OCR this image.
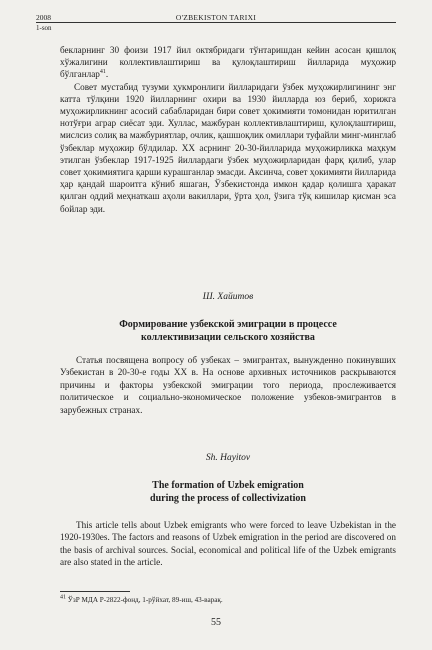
2008	O'ZBEKISTON TARIXI
1-son

бекларнинг 30 фоизи 1917 йил октябридаги тўнтаришдан кейин асосан қишлоқ хўжалигини коллективлаштириш ва қулоқлаштириш йилларида муҳожир бўлганлар$^{41}$.

Совет мустабид тузуми ҳукмронлиги йилларидаги ўзбек муҳожирлигининг энг катта тўлқини 1920 йилларнинг охири ва 1930 йилларда юз бериб, хорижга муҳожирликнинг асосий сабабларидан бири совет ҳокимияти томонидан юритилган нотўғри аграр сиёсат эди. Хуллас, мажбуран коллективлаштириш, қулоқлаштириш, мислсиз солиқ ва мажбуриятлар, очлик, қашшоқлик омиллари туфайли минг-минглаб ўзбеклар муҳожир бўлдилар. XX асрнинг 20-30-йилларида муҳожирликка маҳкум этилган ўзбеклар 1917-1925 йиллардаги ўзбек муҳожирларидан фарқ қилиб, улар совет ҳокимиятига қарши курашганлар эмасди. Аксинча, совет ҳокимияти йилларида ҳар қандай шароитга кўниб яшаган, Ўзбекистонда имкон қадар қолишга ҳаракат қилган оддий меҳнаткаш аҳоли вакиллари, ўрта ҳол, ўзига тўқ кишилар қисман эса бойлар эди.

Ш. Хайитов
Формирование узбекской эмиграции в процессе
коллективизации сельского хозяйства

Статья посвящена вопросу об узбеках – эмигрантах, вынужденно покинувших Узбекистан в 20-30-е годы XX в. На основе архивных источников раскрываются причины и факторы узбекской эмиграции того периода, прослеживается политическое и социально-экономическое положение узбеков-эмигрантов в зарубежных странах.

Sh. Hayitov
The formation of Uzbek emigration
during the process of collectivization

This article tells about Uzbek emigrants who were forced to leave Uzbekistan in the 1920-1930es. The factors and reasons of Uzbek emigration in the period are discovered on the basis of archival sources. Social, economical and political life of the Uzbek emigrants are also stated in the article.

$^{41}$ ЎзР МДА Р-2822-фонд, 1-рўйхат, 89-иш, 43-варақ.
55
